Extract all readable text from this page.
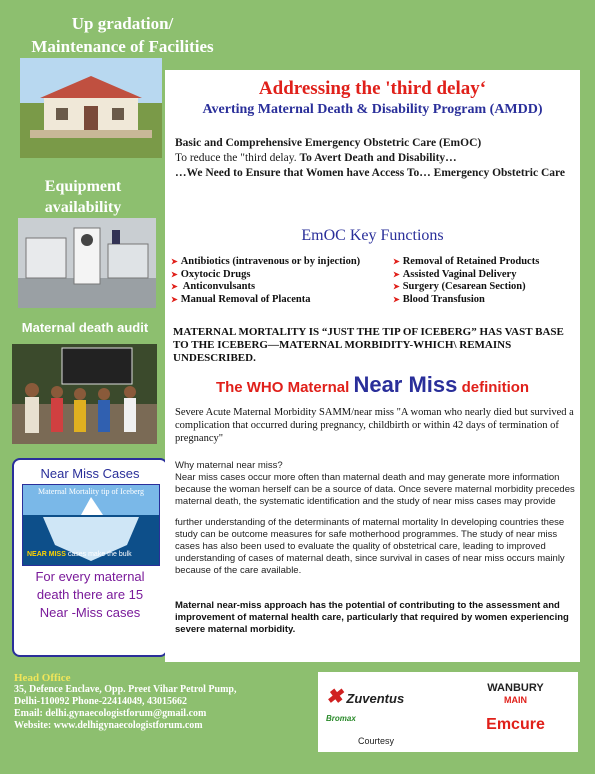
Up gradation/
Maintenance of Facilities
Equipment
availability
Maternal death audit
Near Miss Cases
Maternal Mortality tip of Iceberg
NEAR MISS cases make the bulk
For every maternal
death there are 15
Near -Miss cases
Addressing the 'third delay‘
Averting Maternal Death & Disability Program (AMDD)
Basic and Comprehensive Emergency Obstetric Care (EmOC)
To reduce the "third delay. To Avert Death and Disability…
…We Need to Ensure that Women have Access To… Emergency Obstetric Care
EmOC Key Functions
➤ Antibiotics (intravenous or by injection)
➤ Oxytocic Drugs
➤ Anticonvulsants
➤ Manual Removal of Placenta
➤ Removal of Retained Products
➤ Assisted Vaginal Delivery
➤ Surgery (Cesarean Section)
➤ Blood Transfusion
MATERNAL MORTALITY IS “JUST THE TIP OF ICEBERG” HAS VAST BASE TO THE ICEBERG—MATERNAL MORBIDITY-WHICH\ REMAINS UNDESCRIBED.
The WHO Maternal Near Miss definition
Severe Acute Maternal Morbidity SAMM/near miss "A woman who nearly died but survived a complication that occurred during pregnancy, childbirth or within 42 days of termination of pregnancy"

Why maternal near miss?

Near miss cases occur more often than maternal death and may generate more information because the woman herself can be a source of data. Once severe maternal morbidity precedes maternal death, the systematic identification and the study of near miss cases may provide

further understanding of the determinants of maternal mortality In developing countries these study can be outcome measures for safe motherhood programmes. The study of near miss cases has also been used to evaluate the quality of obstetrical care, leading to improved understanding of cases of maternal death, since survival in cases of near miss occurs mainly because of the care available.

Maternal near-miss approach has the potential of contributing to the assessment and improvement of maternal health care, particularly that required by women experiencing severe maternal morbidity.
Head Office
35, Defence Enclave, Opp. Preet Vihar Petrol Pump,
Delhi-110092 Phone-22414049, 43015662
Email: delhi.gynaecologistforum@gmail.com
Website: www.delhigynaecologistforum.com
✖ Zuventus Bromax
WANBURY
MAIN
Emcure
Courtesy
